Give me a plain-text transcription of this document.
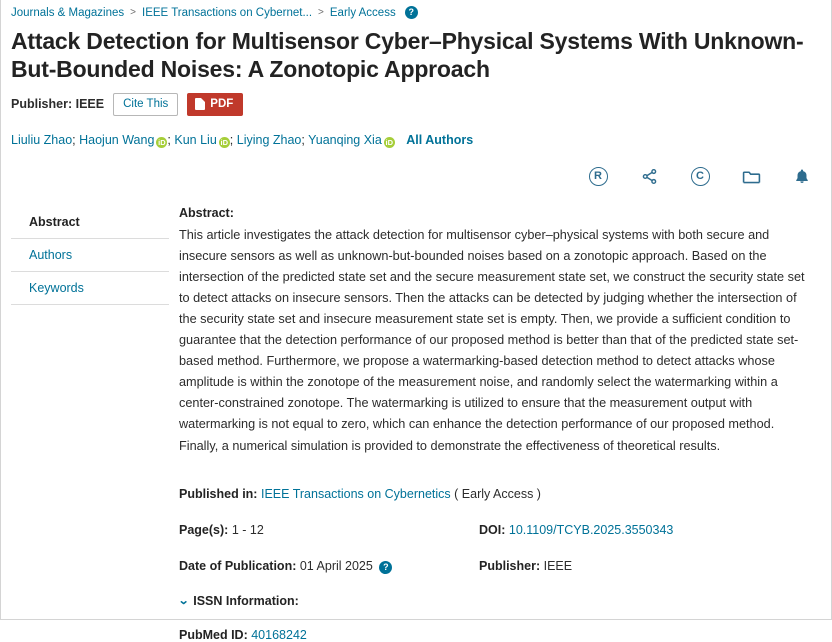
Journals & Magazines > IEEE Transactions on Cybernet... > Early Access	?
Attack Detection for Multisensor Cyber–Physical Systems With Unknown-But-Bounded Noises: A Zonotopic Approach
Publisher: IEEE	Cite This	PDF
Liuliu Zhao; Haojun Wang iD ; Kun Liu iD ; Liying Zhao; Yuanqing Xia iD All Authors
R	C
Abstract
Authors
Keywords
Abstract:
This article investigates the attack detection for multisensor cyber–physical systems with both secure and insecure sensors as well as unknown-but-bounded noises based on a zonotopic approach. Based on the intersection of the predicted state set and the secure measurement state set, we construct the security state set to detect attacks on insecure sensors. Then the attacks can be detected by judging whether the intersection of the security state set and insecure measurement state set is empty. Then, we provide a sufficient condition to guarantee that the detection performance of our proposed method is better than that of the predicted state set-based method. Furthermore, we propose a watermarking-based detection method to detect attacks whose amplitude is within the zonotope of the measurement noise, and randomly select the watermarking within a center-constrained zonotope. The watermarking is utilized to ensure that the measurement output with watermarking is not equal to zero, which can enhance the detection performance of our proposed method. Finally, a numerical simulation is provided to demonstrate the effectiveness of theoretical results.
Published in: IEEE Transactions on Cybernetics ( Early Access )
Page(s): 1 - 12	DOI: 10.1109/TCYB.2025.3550343
Date of Publication: 01 April 2025 ?	Publisher: IEEE
⌄ ISSN Information:
PubMed ID: 40168242
